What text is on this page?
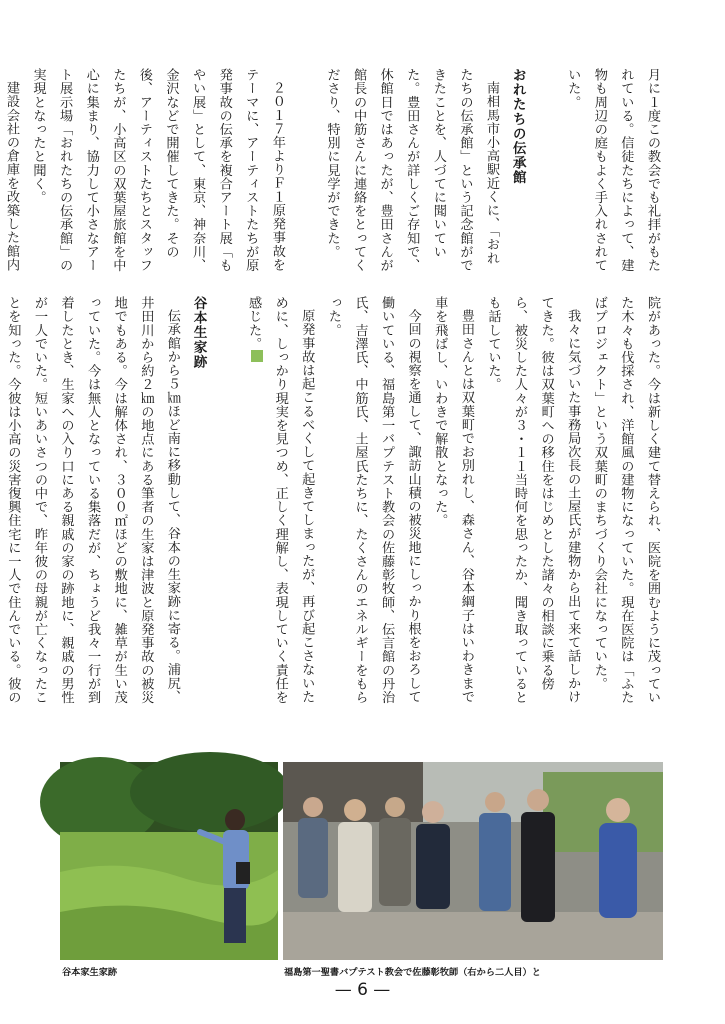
月に１度この教会でも礼拝がもたれている。信徒たちによって、建物も周辺の庭もよく手入れされていた。

おれたちの伝承館

南相馬市小高駅近くに、「おれたちの伝承館」という記念館ができたことを、人づてに聞いていた。豊田さんが詳しくご存知で、休館日ではあったが、豊田さんが館長の中筋さんに連絡をとってくださり、特別に見学ができた。

２０１７年よりＦ１原発事故をテーマに、アーティストたちが原発事故の伝承を複合アート展「もやい展」として、東京、神奈川、金沢などで開催してきた。その後、アーティストたちとスタッフたちが、小高区の双葉屋旅館を中心に集まり、協力して小さなアート展示場「おれたちの伝承館」の実現となったと聞く。

建設会社の倉庫を改築した館内　

院があった。今は新しく建て替えられ、医院を囲むように茂っていた木々も伐採され、洋館風の建物になっていた。現在医院は「ふたばプロジェクト」という双葉町のまちづくり会社になっていた。

我々に気づいた事務局次長の土屋氏が建物から出て来て話しかけてきた。彼は双葉町への移住をはじめとした諸々の相談に乗る傍ら、被災した人々が３・１１当時何を思ったか、聞き取っているとも話していた。

豊田さんとは双葉町でお別れし、森さん、谷本綱子はいわきまで車を飛ばし、いわきで解散となった。

今回の視察を通して、諏訪山積の被災地にしっかり根をおろして働いている、福島第一バプテスト教会の佐藤彰牧師、伝言館の丹治氏、吉澤氏、中筋氏、土屋氏たちに、たくさんのエネルギーをもらった。

原発事故は起こるべくして起きてしまったが、再び起こさないために、しっかり現実を見つめ、正しく理解し、表現していく責任を感じた。開

谷本生家跡

伝承館から５㎞ほど南に移動して、谷本の生家跡に寄る。浦尻、井田川から約２㎞の地点にある筆者の生家は津波と原発事故の被災地でもある。今は解体され、３００㎡ほどの敷地に、雑草が生い茂っていた。今は無人となっている集落だが、ちょうど我々一行が到着したとき、生家への入り口にある親戚の家の跡地に、親戚の男性が一人でいた。短いあいさつの中で、昨年彼の母親が亡くなったことを知った。今彼は小高の災害復興住宅に一人で住んでいる。彼の

谷本家生家跡	福島第一聖書バプテスト教会で佐藤彰牧師（右から二人目）と
— 6 —
